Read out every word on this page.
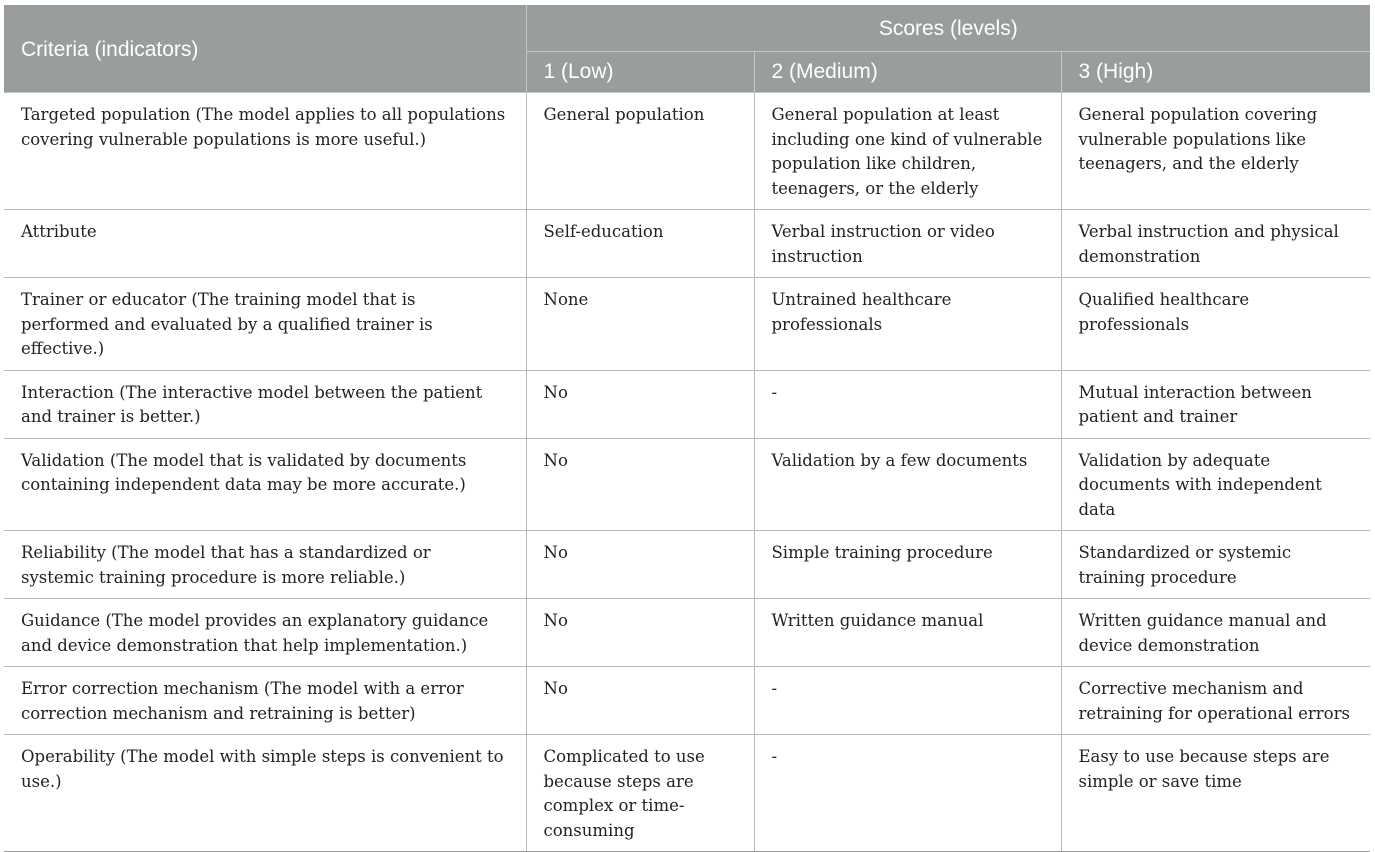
Criteria (indicators)	Scores (levels)		
	1 (Low)	2 (Medium)	3 (High)
Targeted population (The model applies to all populations covering vulnerable populations is more useful.)	General population	General population at least including one kind of vulnerable population like children, teenagers, or the elderly	General population covering vulnerable populations like teenagers, and the elderly
Attribute	Self-education	Verbal instruction or video instruction	Verbal instruction and physical demonstration
Trainer or educator (The training model that is performed and evaluated by a qualified trainer is effective.)	None	Untrained healthcare professionals	Qualified healthcare professionals
Interaction (The interactive model between the patient and trainer is better.)	No	-	Mutual interaction between patient and trainer
Validation (The model that is validated by documents containing independent data may be more accurate.)	No	Validation by a few documents	Validation by adequate documents with independent data
Reliability (The model that has a standardized or systemic training procedure is more reliable.)	No	Simple training procedure	Standardized or systemic training procedure
Guidance (The model provides an explanatory guidance and device demonstration that help implementation.)	No	Written guidance manual	Written guidance manual and device demonstration
Error correction mechanism (The model with a error correction mechanism and retraining is better)	No	-	Corrective mechanism and retraining for operational errors
Operability (The model with simple steps is convenient to use.)	Complicated to use because steps are complex or time-consuming	-	Easy to use because steps are simple or save time
